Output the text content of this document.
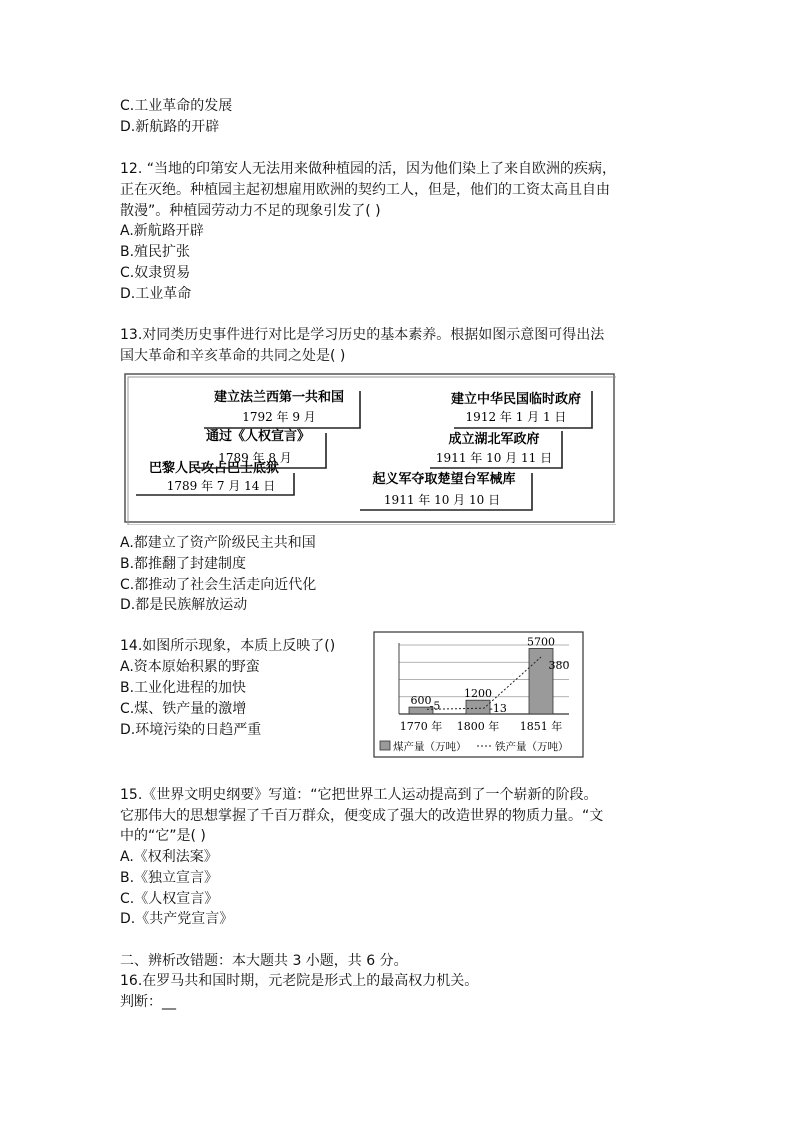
C.工业革命的发展
D.新航路的开辟
12. “当地的印第安人无法用来做种植园的活，因为他们染上了来自欧洲的疾病，
正在灭绝。种植园主起初想雇用欧洲的契约工人，但是，他们的工资太高且自由
散漫”。种植园劳动力不足的现象引发了( )
A.新航路开辟
B.殖民扩张
C.奴隶贸易
D.工业革命
13.对同类历史事件进行对比是学习历史的基本素养。根据如图示意图可得出法
国大革命和辛亥革命的共同之处是( )
巴黎人民攻占巴士底狱
1789 年 7 月 14 日
通过《人权宣言》
1789 年 8 月
建立法兰西第一共和国
1792 年 9 月
起义军夺取楚望台军械库
1911 年 10 月 10 日
成立湖北军政府
1911 年 10 月 11 日
建立中华民国临时政府
1912 年 1 月 1 日
A.都建立了资产阶级民主共和国
B.都推翻了封建制度
C.都推动了社会生活走向近代化
D.都是民族解放运动
14.如图所示现象，本质上反映了()
A.资本原始积累的野蛮
B.工业化进程的加快
C.煤、铁产量的激增
D.环境污染的日趋严重
600
1200
5700
-5	-13
380
1770 年 1800 年 1851 年
煤产量（万吨）	铁产量（万吨）
15.《世界文明史纲要》写道：“它把世界工人运动提高到了一个崭新的阶段。
它那伟大的思想掌握了千百万群众，便变成了强大的改造世界的物质力量。“文
中的“它”是( )
A.《权利法案》
B.《独立宣言》
C.《人权宣言》
D.《共产党宣言》
二、辨析改错题：本大题共 3 小题，共 6 分。
16.在罗马共和国时期，元老院是形式上的最高权力机关。
判断：__
